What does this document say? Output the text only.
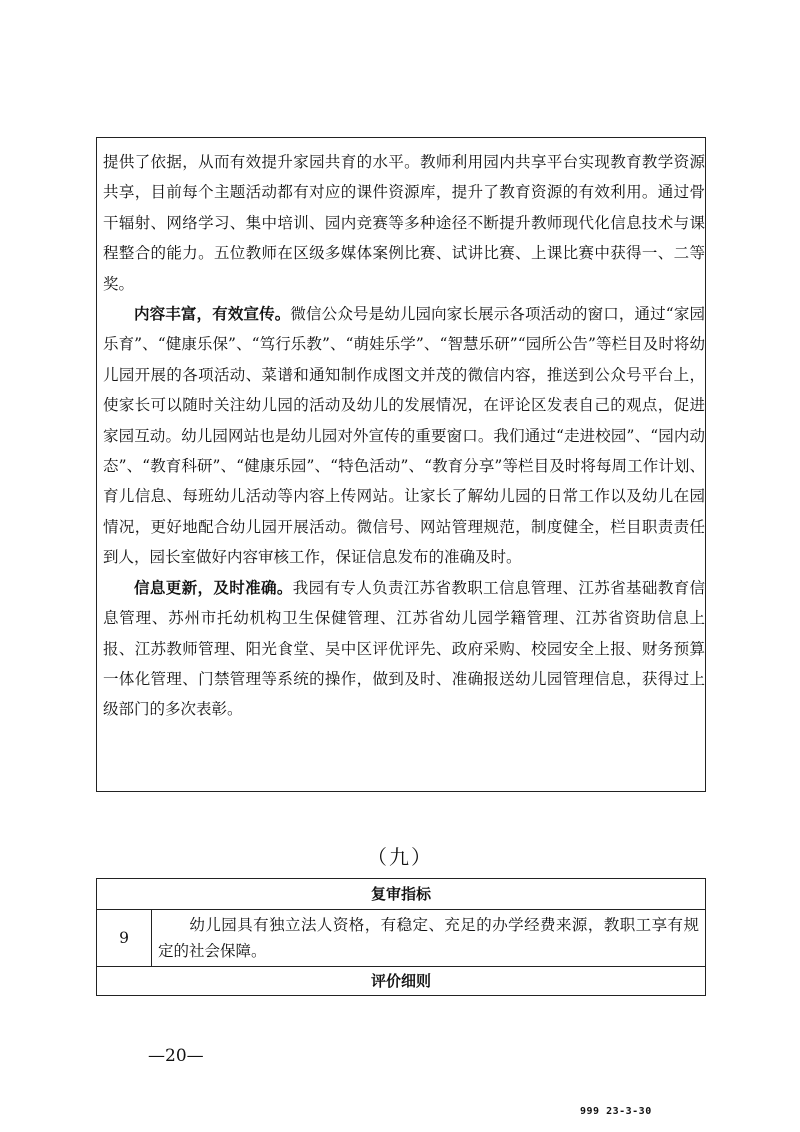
提供了依据，从而有效提升家园共育的水平。教师利用园内共享平台实现教育教学资源共享，目前每个主题活动都有对应的课件资源库，提升了教育资源的有效利用。通过骨干辐射、网络学习、集中培训、园内竞赛等多种途径不断提升教师现代化信息技术与课程整合的能力。五位教师在区级多媒体案例比赛、试讲比赛、上课比赛中获得一、二等奖。

内容丰富，有效宣传。微信公众号是幼儿园向家长展示各项活动的窗口，通过“家园乐育”、“健康乐保”、“笃行乐教”、“萌娃乐学”、“智慧乐研”“园所公告”等栏目及时将幼儿园开展的各项活动、菜谱和通知制作成图文并茂的微信内容，推送到公众号平台上，使家长可以随时关注幼儿园的活动及幼儿的发展情况，在评论区发表自己的观点，促进家园互动。幼儿园网站也是幼儿园对外宣传的重要窗口。我们通过“走进校园”、“园内动态”、“教育科研”、“健康乐园”、“特色活动”、“教育分享”等栏目及时将每周工作计划、育儿信息、每班幼儿活动等内容上传网站。让家长了解幼儿园的日常工作以及幼儿在园情况，更好地配合幼儿园开展活动。微信号、网站管理规范，制度健全，栏目职责责任到人，园长室做好内容审核工作，保证信息发布的准确及时。

信息更新，及时准确。我园有专人负责江苏省教职工信息管理、江苏省基础教育信息管理、苏州市托幼机构卫生保健管理、江苏省幼儿园学籍管理、江苏省资助信息上报、江苏教师管理、阳光食堂、吴中区评优评先、政府采购、校园安全上报、财务预算一体化管理、门禁管理等系统的操作，做到及时、准确报送幼儿园管理信息，获得过上级部门的多次表彰。

（九）
复审指标
9
幼儿园具有独立法人资格，有稳定、充足的办学经费来源，教职工享有规定的社会保障。
评价细则
—20—
999 23-3-30
